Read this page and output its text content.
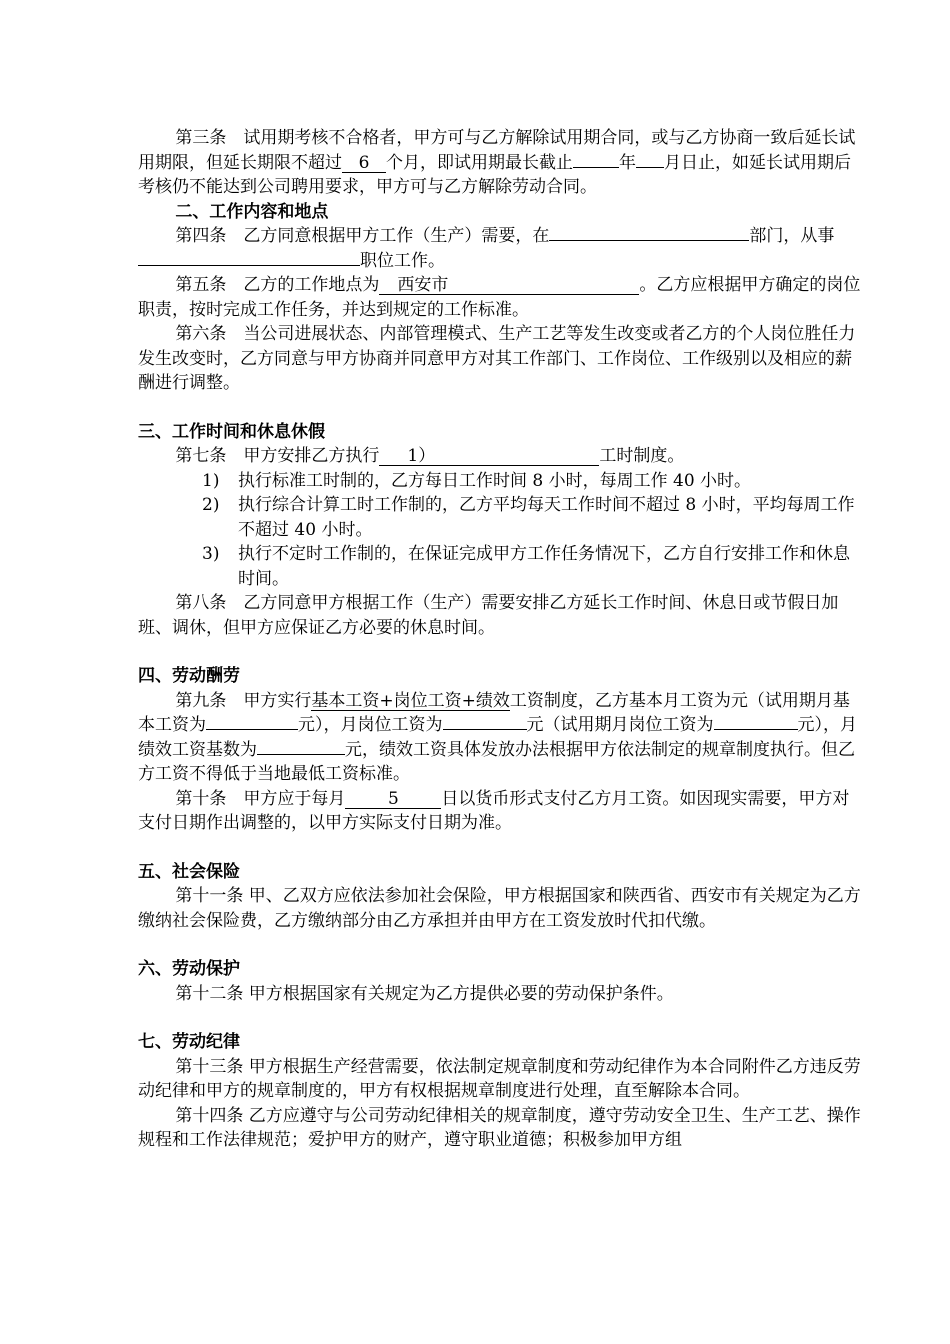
第三条　试用期考核不合格者，甲方可与乙方解除试用期合同，或与乙方协商一致后延长试用期限，但延长期限不超过 6 个月，即试用期最长截止	年 月日止，如延长试用期后考核仍不能达到公司聘用要求，甲方可与乙方解除劳动合同。

二、工作内容和地点

第四条　乙方同意根据甲方工作（生产）需要，在	部门，从事职位工作。

第五条　乙方的工作地点为 西安市	。乙方应根据甲方确定的岗位职责，按时完成工作任务，并达到规定的工作标准。

第六条　当公司进展状态、内部管理模式、生产工艺等发生改变或者乙方的个人岗位胜任力发生改变时，乙方同意与甲方协商并同意甲方对其工作部门、工作岗位、工作级别以及相应的薪酬进行调整。

三、工作时间和休息休假

第七条　甲方安排乙方执行 1）	工时制度。

1)	执行标准工时制的，乙方每日工作时间 8 小时，每周工作 40 小时。
2)	执行综合计算工时工作制的，乙方平均每天工作时间不超过 8 小时，平均每周工作不超过 40 小时。
3)	执行不定时工作制的，在保证完成甲方工作任务情况下，乙方自行安排工作和休息时间。

第八条　乙方同意甲方根据工作（生产）需要安排乙方延长工作时间、休息日或节假日加班、调休，但甲方应保证乙方必要的休息时间。

四、劳动酬劳

第九条　甲方实行基本工资+岗位工资+绩效工资制度，乙方基本月工资为元（试用期月基本工资为	元），月岗位工资为	元（试用期月岗位工资为	元），月绩效工资基数为	元，绩效工资具体发放办法根据甲方依法制定的规章制度执行。但乙方工资不得低于当地最低工资标准。

第十条　甲方应于每月	5	日以货币形式支付乙方月工资。如因现实需要，甲方对支付日期作出调整的，以甲方实际支付日期为准。

五、社会保险

第十一条 甲、乙双方应依法参加社会保险，甲方根据国家和陕西省、西安市有关规定为乙方缴纳社会保险费，乙方缴纳部分由乙方承担并由甲方在工资发放时代扣代缴。

六、劳动保护

第十二条 甲方根据国家有关规定为乙方提供必要的劳动保护条件。

七、劳动纪律

第十三条 甲方根据生产经营需要，依法制定规章制度和劳动纪律作为本合同附件乙方违反劳动纪律和甲方的规章制度的，甲方有权根据规章制度进行处理，直至解除本合同。

第十四条 乙方应遵守与公司劳动纪律相关的规章制度，遵守劳动安全卫生、生产工艺、操作规程和工作法律规范；爱护甲方的财产，遵守职业道德；积极参加甲方组
